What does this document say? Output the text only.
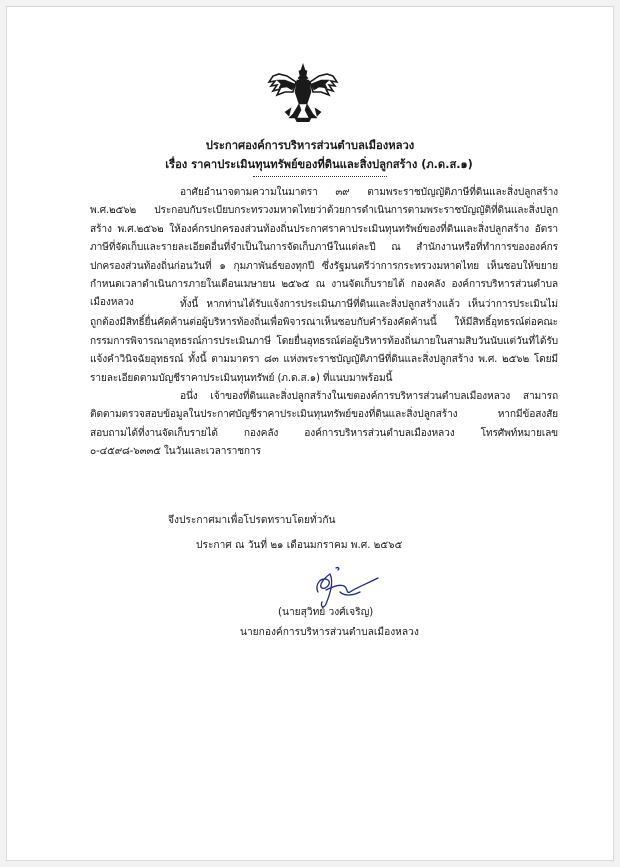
ประกาศองค์การบริหารส่วนตำบลเมืองหลวง
เรื่อง ราคาประเมินทุนทรัพย์ของที่ดินและสิ่งปลูกสร้าง (ภ.ด.ส.๑)
อาศัยอำนาจตามความในมาตรา ๓๙ ตามพระราชบัญญัติภาษีที่ดินและสิ่งปลูกสร้าง พ.ศ.๒๕๖๒ ประกอบกับระเบียบกระทรวงมหาดไทยว่าด้วยการดำเนินการตามพระราชบัญญัติที่ดินและสิ่งปลูกสร้าง พ.ศ.๒๕๖๒ ให้องค์กรปกครองส่วนท้องถิ่นประกาศราคาประเมินทุนทรัพย์ของที่ดินและสิ่งปลูกสร้าง อัตราภาษีที่จัดเก็บและรายละเอียดอื่นที่จำเป็นในการจัดเก็บภาษีในแต่ละปี ณ สำนักงานหรือที่ทำการขององค์กรปกครองส่วนท้องถิ่นก่อนวันที่ ๑ กุมภาพันธ์ของทุกปี ซึ่งรัฐมนตรีว่าการกระทรวงมหาดไทย เห็นชอบให้ขยายกำหนดเวลาดำเนินการภายในเดือนเมษายน ๒๕๖๕ ณ งานจัดเก็บรายได้ กองคลัง องค์การบริหารส่วนตำบลเมืองหลวง	ทั้งนี้ หากท่านได้รับแจ้งการประเมินภาษีที่ดินและสิ่งปลูกสร้างแล้ว เห็นว่าการประเมินไม่ถูกต้องมีสิทธิ์ยื่นคัดค้านต่อผู้บริหารท้องถิ่นเพื่อพิจารณาเห็นชอบกับคำร้องคัดค้านนี้ ให้มีสิทธิ์อุทธรณ์ต่อคณะกรรมการพิจารณาอุทธรณ์การประเมินภาษี โดยยื่นอุทธรณ์ต่อผู้บริหารท้องถิ่นภายในสามสิบวันนับแต่วันที่ได้รับแจ้งคำวินิจฉัยอุทธรณ์ ทั้งนี้ ตามมาตรา ๘๓ แห่งพระราชบัญญัติภาษีที่ดินและสิ่งปลูกสร้าง พ.ศ. ๒๕๖๒ โดยมีรายละเอียดตามบัญชีราคาประเมินทุนทรัพย์ (ภ.ด.ส.๑) ที่แนบมาพร้อมนี้
อนึ่ง เจ้าของที่ดินและสิ่งปลูกสร้างในเขตองค์การบริหารส่วนตำบลเมืองหลวง สามารถติดตามตรวจสอบข้อมูลในประกาศบัญชีราคาประเมินทุนทรัพย์ของที่ดินและสิ่งปลูกสร้าง หากมีข้อสงสัย สอบถามได้ที่งานจัดเก็บรายได้ กองคลัง องค์การบริหารส่วนตำบลเมืองหลวง โทรศัพท์หมายเลข ๐-๔๕๙๘-๖๓๓๕ ในวันและเวลาราชการ
จึงประกาศมาเพื่อโปรดทราบโดยทั่วกัน
ประกาศ ณ วันที่ ๒๑ เดือนมกราคม พ.ศ. ๒๕๖๕
(นายสุวิทย์ วงศ์เจริญ)
นายกองค์การบริหารส่วนตำบลเมืองหลวง
